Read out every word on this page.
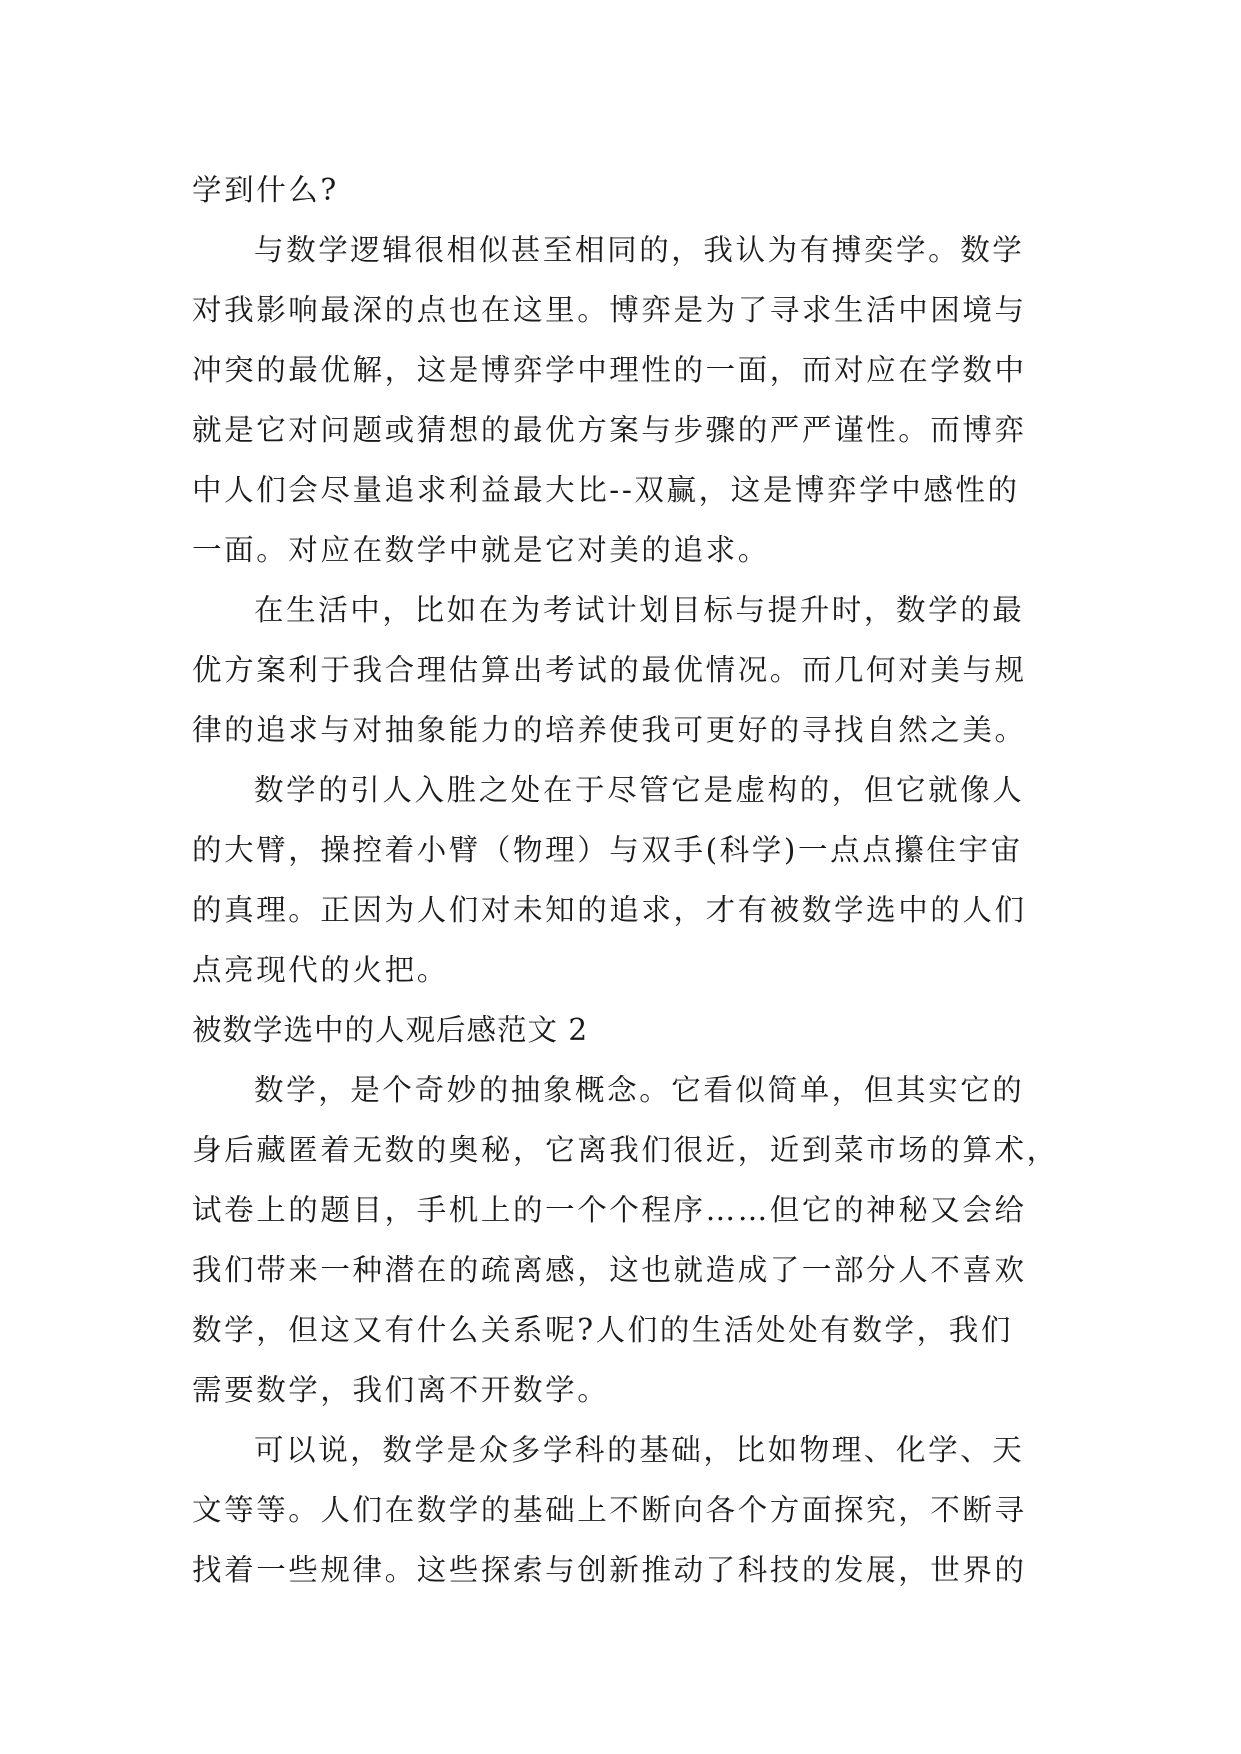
学到什么?
与数学逻辑很相似甚至相同的，我认为有搏奕学。数学
对我影响最深的点也在这里。博弈是为了寻求生活中困境与
冲突的最优解，这是博弈学中理性的一面，而对应在学数中
就是它对问题或猜想的最优方案与步骤的严严谨性。而博弈
中人们会尽量追求利益最大比--双赢，这是博弈学中感性的
一面。对应在数学中就是它对美的追求。
在生活中，比如在为考试计划目标与提升时，数学的最
优方案利于我合理估算出考试的最优情况。而几何对美与规
律的追求与对抽象能力的培养使我可更好的寻找自然之美。
数学的引人入胜之处在于尽管它是虚构的，但它就像人
的大臂，操控着小臂（物理）与双手(科学)一点点攥住宇宙
的真理。正因为人们对未知的追求，才有被数学选中的人们
点亮现代的火把。
被数学选中的人观后感范文 2
数学，是个奇妙的抽象概念。它看似简单，但其实它的
身后藏匿着无数的奥秘，它离我们很近，近到菜市场的算术，
试卷上的题目，手机上的一个个程序……但它的神秘又会给
我们带来一种潜在的疏离感，这也就造成了一部分人不喜欢
数学，但这又有什么关系呢?人们的生活处处有数学，我们
需要数学，我们离不开数学。
可以说，数学是众多学科的基础，比如物理、化学、天
文等等。人们在数学的基础上不断向各个方面探究，不断寻
找着一些规律。这些探索与创新推动了科技的发展，世界的
